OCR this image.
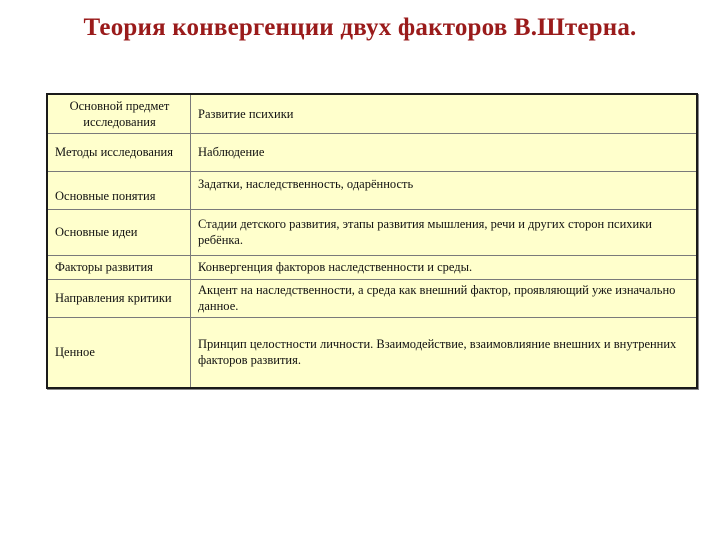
Теория конвергенции двух факторов В.Штерна.
Основной предмет исследования	Развитие психики
Методы исследования	Наблюдение
Основные понятия	Задатки, наследственность, одарённость
Основные идеи	Стадии детского развития, этапы развития мышления, речи и других сторон психики ребёнка.
Факторы развития	Конвергенция факторов наследственности и среды.
Направления критики	Акцент на наследственности, а среда как внешний фактор, проявляющий уже изначально данное.
Ценное	Принцип целостности личности. Взаимодействие, взаимовлияние внешних и внутренних факторов развития.
